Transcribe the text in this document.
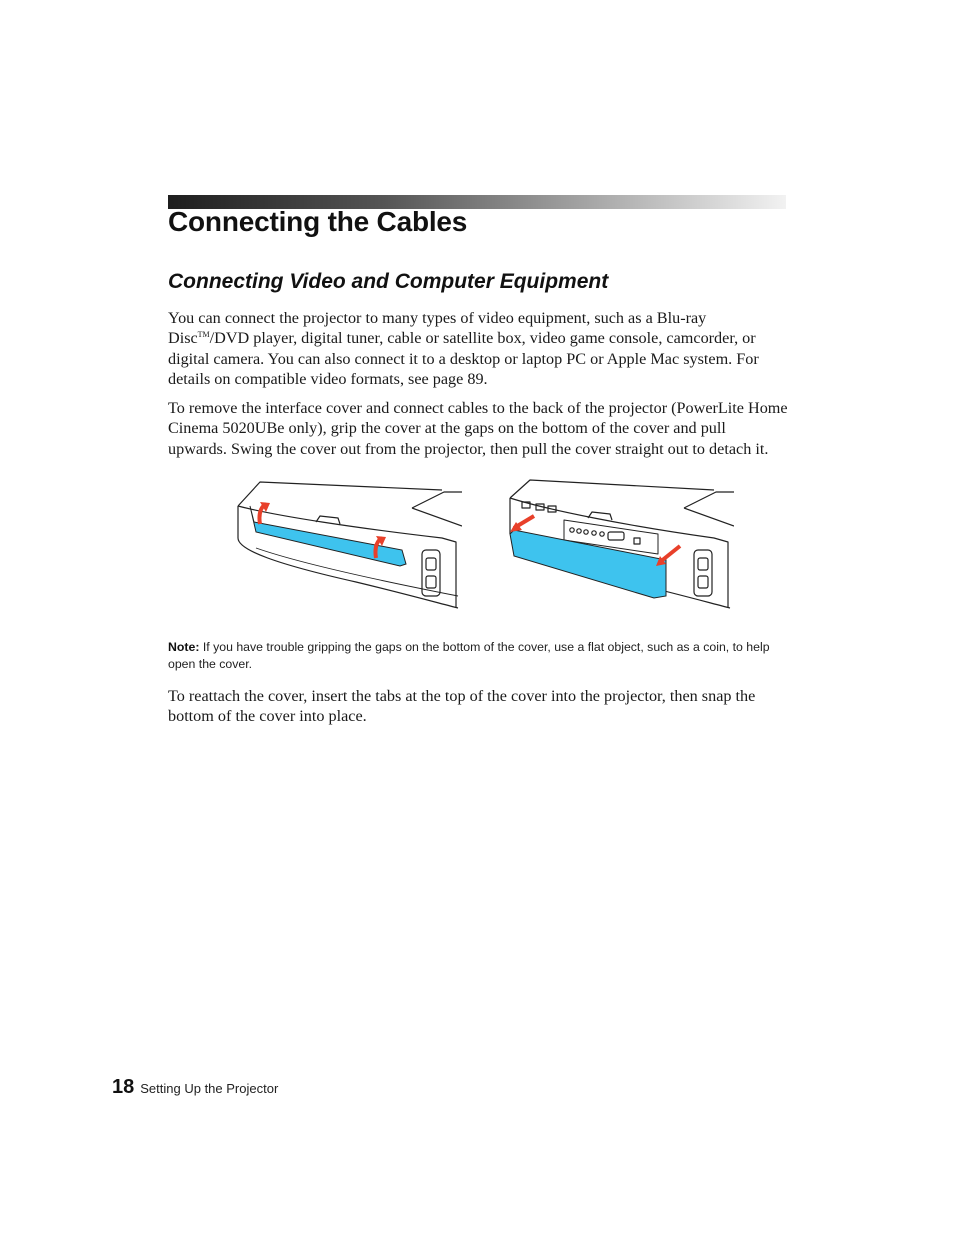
Connecting the Cables
Connecting Video and Computer Equipment

You can connect the projector to many types of video equipment, such as a Blu-ray Disc™/DVD player, digital tuner, cable or satellite box, video game console, camcorder, or digital camera. You can also connect it to a desktop or laptop PC or Apple Mac system. For details on compatible video formats, see page 89.

To remove the interface cover and connect cables to the back of the projector (PowerLite Home Cinema 5020UBe only), grip the cover at the gaps on the bottom of the cover and pull upwards. Swing the cover out from the projector, then pull the cover straight out to detach it.

Note: If you have trouble gripping the gaps on the bottom of the cover, use a flat object, such as a coin, to help open the cover.

To reattach the cover, insert the tabs at the top of the cover into the projector, then snap the bottom of the cover into place.

18 Setting Up the Projector
